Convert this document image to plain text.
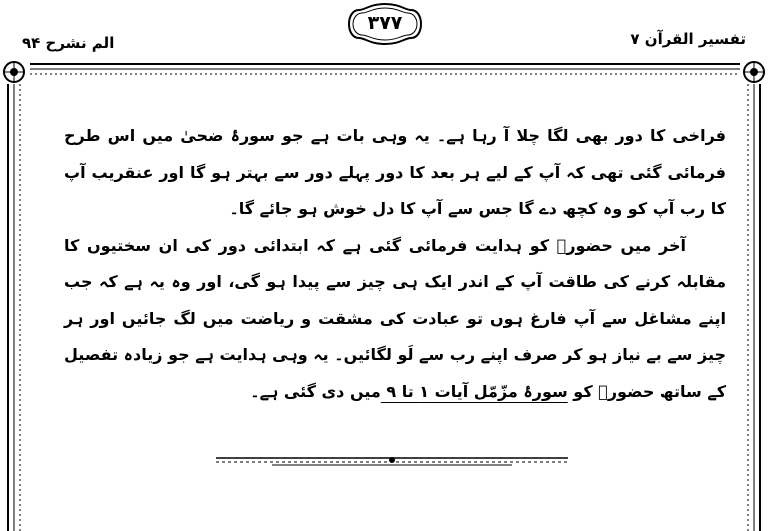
الم نشرح ۹۴
۳۷۷
تفسیر القرآن ۷

فراخی کا دور بھی لگا چلا آ رہا ہے۔ یہ وہی بات ہے جو سورۂ ضحیٰ میں اس طرح فرمائی گئی تھی کہ آپ کے لیے ہر بعد کا دور پہلے دور سے بہتر ہو گا اور عنقریب آپ کا رب آپ کو وہ کچھ دے گا جس سے آپ کا دل خوش ہو جائے گا۔

آخر میں حضورؐ کو ہدایت فرمائی گئی ہے کہ ابتدائی دور کی ان سختیوں کا مقابلہ کرنے کی طاقت آپ کے اندر ایک ہی چیز سے پیدا ہو گی، اور وہ یہ ہے کہ جب اپنے مشاغل سے آپ فارغ ہوں تو عبادت کی مشقت و ریاضت میں لگ جائیں اور ہر چیز سے بے نیاز ہو کر صرف اپنے رب سے لَو لگائیں۔ یہ وہی ہدایت ہے جو زیادہ تفصیل کے ساتھ حضورؐ کو سورۂ مزّمّل آیات ۱ تا ۹ میں دی گئی ہے۔
